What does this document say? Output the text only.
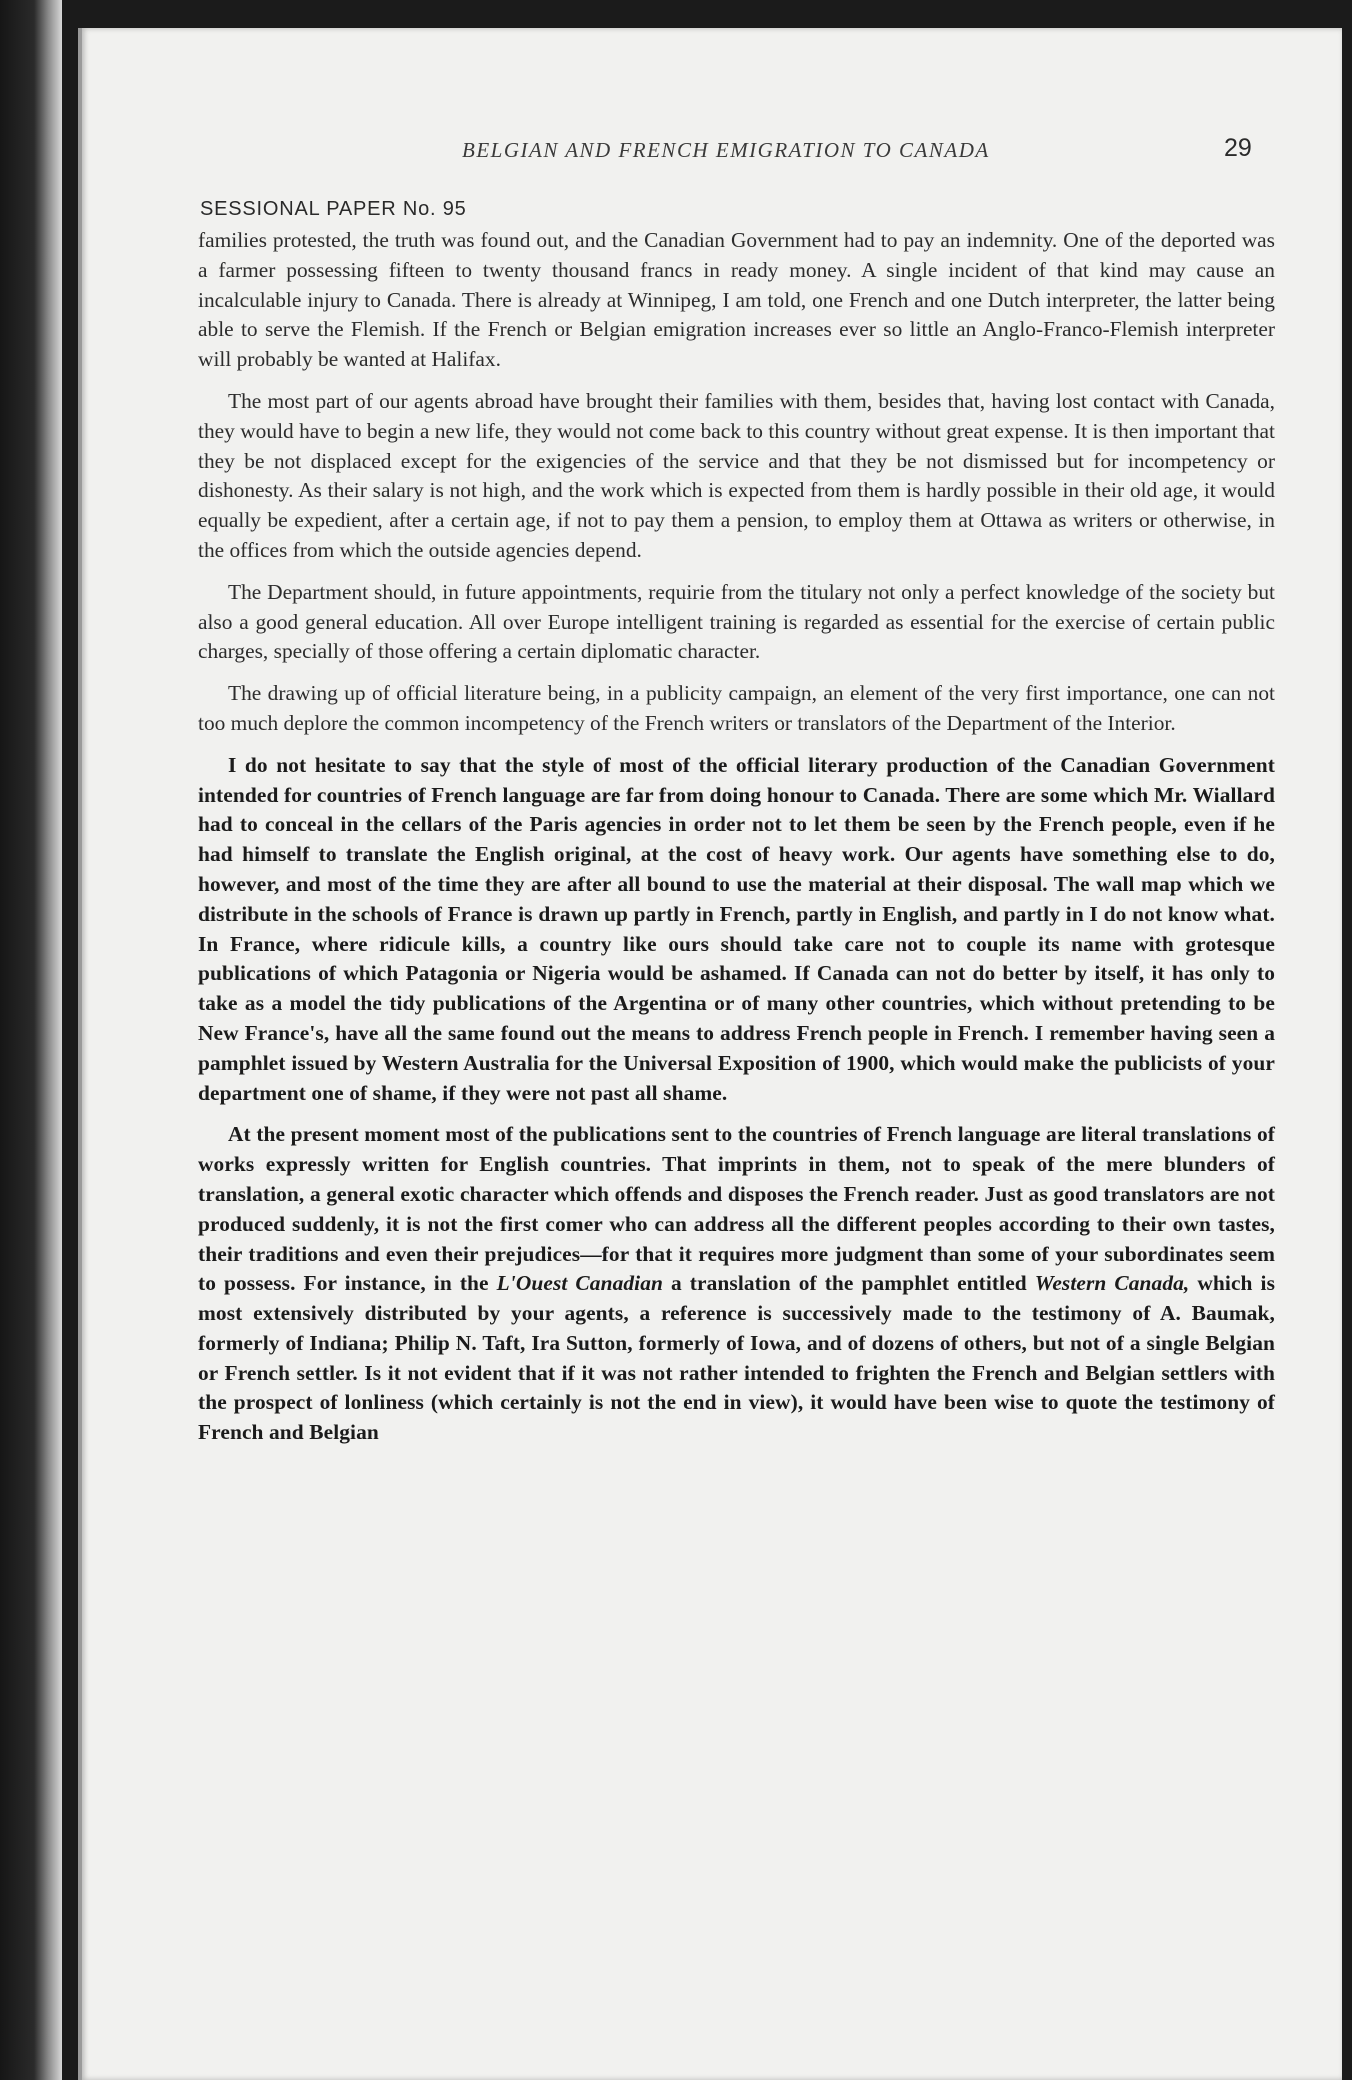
BELGIAN AND FRENCH EMIGRATION TO CANADA	29
SESSIONAL PAPER No. 95

families protested, the truth was found out, and the Canadian Government had to pay an indemnity. One of the deported was a farmer possessing fifteen to twenty thousand francs in ready money. A single incident of that kind may cause an incalculable injury to Canada. There is already at Winnipeg, I am told, one French and one Dutch interpreter, the latter being able to serve the Flemish. If the French or Belgian emigration increases ever so little an Anglo-Franco-Flemish interpreter will probably be wanted at Halifax.

The most part of our agents abroad have brought their families with them, besides that, having lost contact with Canada, they would have to begin a new life, they would not come back to this country without great expense. It is then important that they be not displaced except for the exigencies of the service and that they be not dismissed but for incompetency or dishonesty. As their salary is not high, and the work which is expected from them is hardly possible in their old age, it would equally be expedient, after a certain age, if not to pay them a pension, to employ them at Ottawa as writers or otherwise, in the offices from which the outside agencies depend.

The Department should, in future appointments, requirie from the titulary not only a perfect knowledge of the society but also a good general education. All over Europe intelligent training is regarded as essential for the exercise of certain public charges, specially of those offering a certain diplomatic character.

The drawing up of official literature being, in a publicity campaign, an element of the very first importance, one can not too much deplore the common incompetency of the French writers or translators of the Department of the Interior.

I do not hesitate to say that the style of most of the official literary production of the Canadian Government intended for countries of French language are far from doing honour to Canada. There are some which Mr. Wiallard had to conceal in the cellars of the Paris agencies in order not to let them be seen by the French people, even if he had himself to translate the English original, at the cost of heavy work. Our agents have something else to do, however, and most of the time they are after all bound to use the material at their disposal. The wall map which we distribute in the schools of France is drawn up partly in French, partly in English, and partly in I do not know what. In France, where ridicule kills, a country like ours should take care not to couple its name with grotesque publications of which Patagonia or Nigeria would be ashamed. If Canada can not do better by itself, it has only to take as a model the tidy publications of the Argentina or of many other countries, which without pretending to be New France's, have all the same found out the means to address French people in French. I remember having seen a pamphlet issued by Western Australia for the Universal Exposition of 1900, which would make the publicists of your department one of shame, if they were not past all shame.

At the present moment most of the publications sent to the countries of French language are literal translations of works expressly written for English countries. That imprints in them, not to speak of the mere blunders of translation, a general exotic character which offends and disposes the French reader. Just as good translators are not produced suddenly, it is not the first comer who can address all the different peoples according to their own tastes, their traditions and even their prejudices—for that it requires more judgment than some of your subordinates seem to possess. For instance, in the L'Ouest Canadian a translation of the pamphlet entitled Western Canada, which is most extensively distributed by your agents, a reference is successively made to the testimony of A. Baumak, formerly of Indiana; Philip N. Taft, Ira Sutton, formerly of Iowa, and of dozens of others, but not of a single Belgian or French settler. Is it not evident that if it was not rather intended to frighten the French and Belgian settlers with the prospect of lonliness (which certainly is not the end in view), it would have been wise to quote the testimony of French and Belgian
